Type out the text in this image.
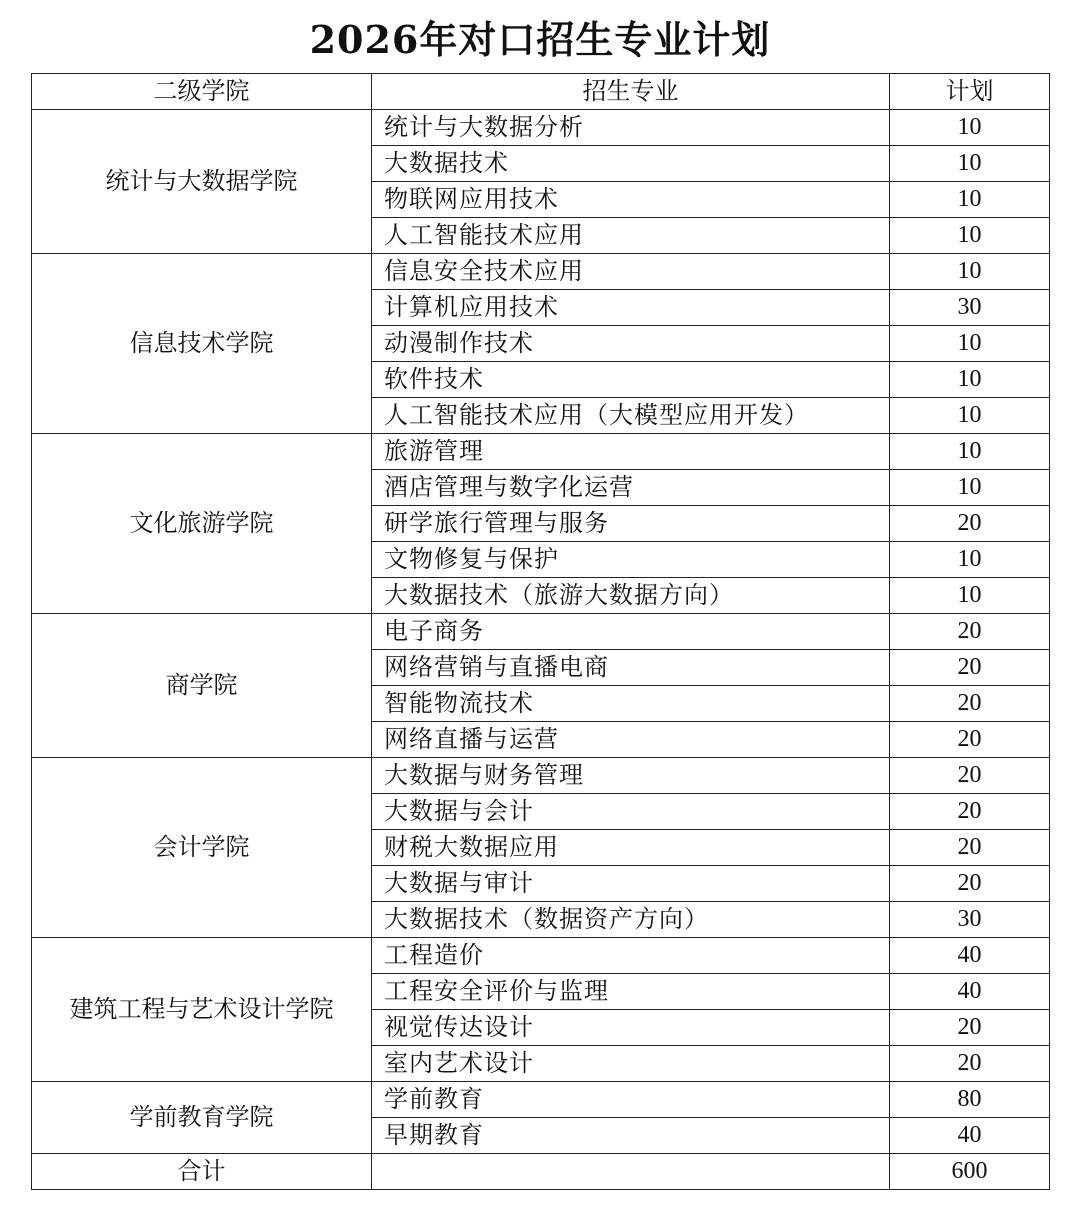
2026年对口招生专业计划
二级学院	招生专业	计划
统计与大数据学院	统计与大数据分析	10
	大数据技术	10
	物联网应用技术	10
	人工智能技术应用	10
信息技术学院	信息安全技术应用	10
	计算机应用技术	30
	动漫制作技术	10
	软件技术	10
	人工智能技术应用（大模型应用开发）	10
文化旅游学院	旅游管理	10
	酒店管理与数字化运营	10
	研学旅行管理与服务	20
	文物修复与保护	10
	大数据技术（旅游大数据方向）	10
商学院	电子商务	20
	网络营销与直播电商	20
	智能物流技术	20
	网络直播与运营	20
会计学院	大数据与财务管理	20
	大数据与会计	20
	财税大数据应用	20
	大数据与审计	20
	大数据技术（数据资产方向）	30
建筑工程与艺术设计学院	工程造价	40
	工程安全评价与监理	40
	视觉传达设计	20
	室内艺术设计	20
学前教育学院	学前教育	80
	早期教育	40
合计		600
